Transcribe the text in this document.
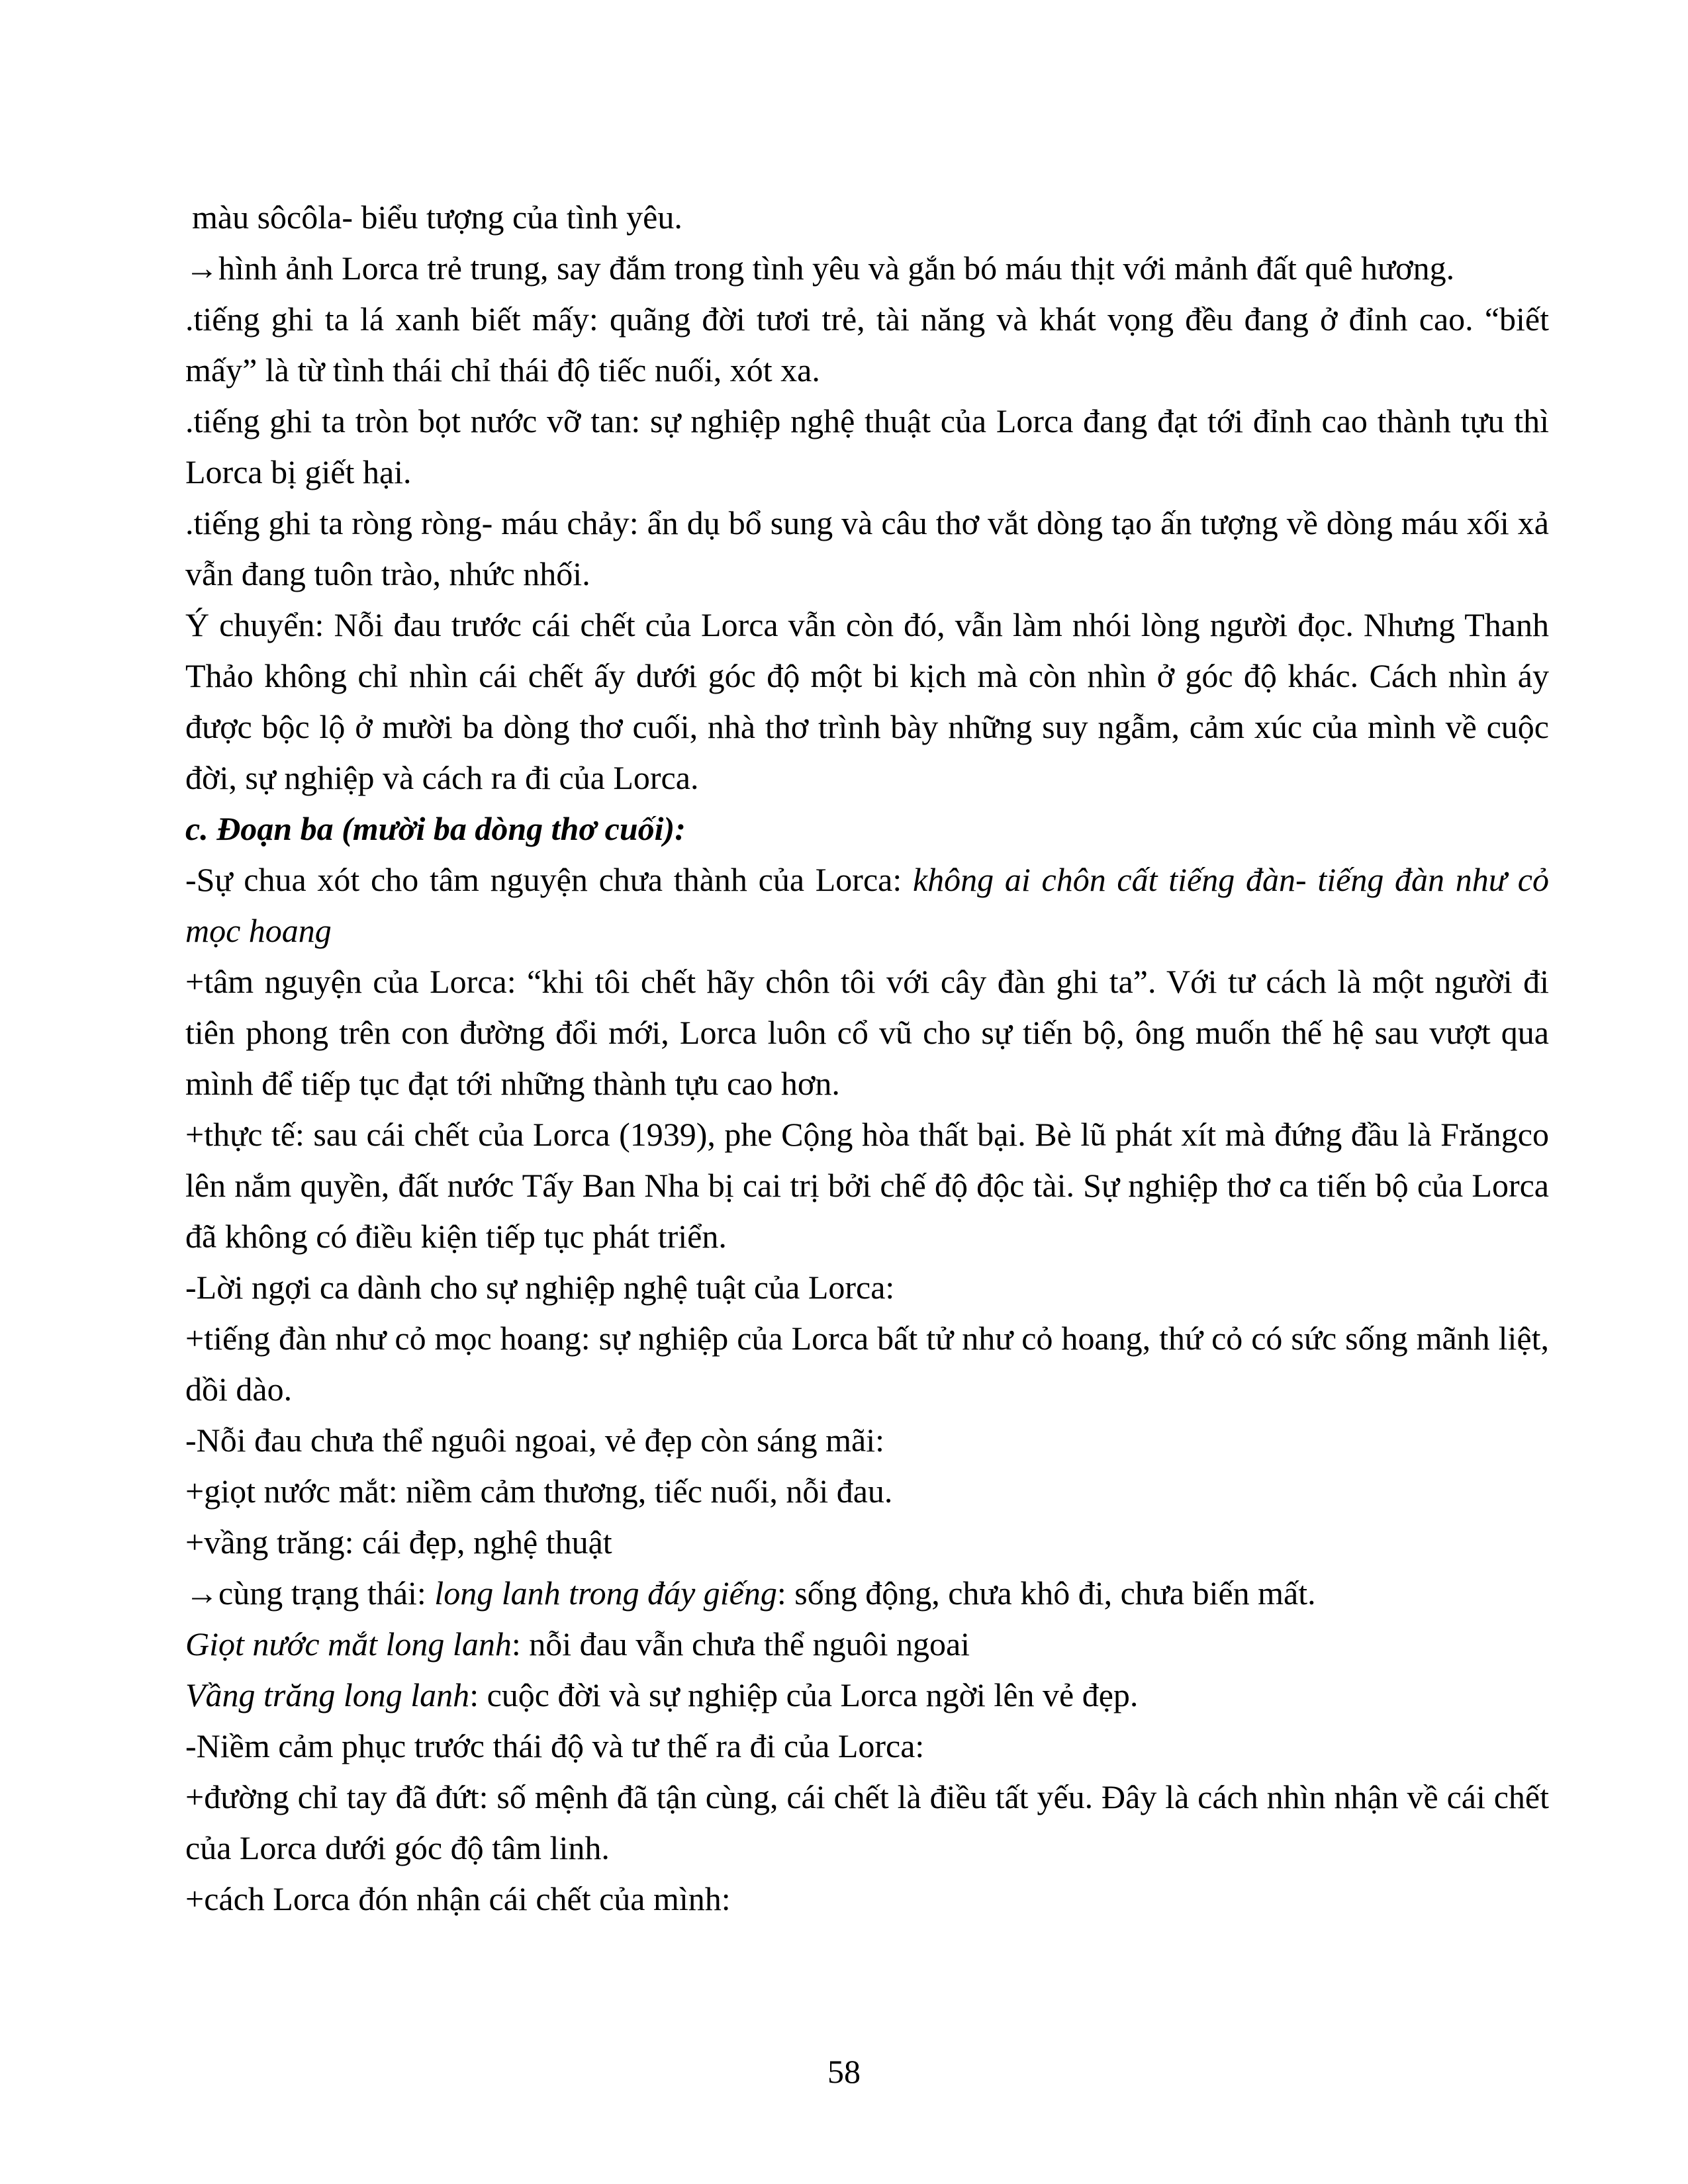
màu sôcôla- biểu tượng của tình yêu.

→hình ảnh Lorca trẻ trung, say đắm trong tình yêu và gắn bó máu thịt với mảnh đất quê hương.

.tiếng ghi ta lá xanh biết mấy: quãng đời tươi trẻ, tài năng và khát vọng đều đang ở đỉnh cao. “biết mấy” là từ tình thái chỉ thái độ tiếc nuối, xót xa.

.tiếng ghi ta tròn bọt nước vỡ tan: sự nghiệp nghệ thuật của Lorca đang đạt tới đỉnh cao thành tựu thì Lorca bị giết hại.

.tiếng ghi ta ròng ròng- máu chảy: ẩn dụ bổ sung và câu thơ vắt dòng tạo ấn tượng về dòng máu xối xả vẫn đang tuôn trào, nhức nhối.

Ý chuyển: Nỗi đau trước cái chết của Lorca vẫn còn đó, vẫn làm nhói lòng người đọc. Nhưng Thanh Thảo không chỉ nhìn cái chết ấy dưới góc độ một bi kịch mà còn nhìn ở góc độ khác. Cách nhìn áy được bộc lộ ở mười ba dòng thơ cuối, nhà thơ trình bày những suy ngẫm, cảm xúc của mình về cuộc đời, sự nghiệp và cách ra đi của Lorca.

c. Đoạn ba (mười ba dòng thơ cuối):

-Sự chua xót cho tâm nguyện chưa thành của Lorca: không ai chôn cất tiếng đàn- tiếng đàn như cỏ mọc hoang

+tâm nguyện của Lorca: “khi tôi chết hãy chôn tôi với cây đàn ghi ta”. Với tư cách là một người đi tiên phong trên con đường đổi mới, Lorca luôn cổ vũ cho sự tiến bộ, ông muốn thế hệ sau vượt qua mình để tiếp tục đạt tới những thành tựu cao hơn.

+thực tế: sau cái chết của Lorca (1939), phe Cộng hòa thất bại. Bè lũ phát xít mà đứng đầu là Frăngco lên nắm quyền, đất nước Tấy Ban Nha bị cai trị bởi chế độ độc tài. Sự nghiệp thơ ca tiến bộ của Lorca đã không có điều kiện tiếp tục phát triển.

-Lời ngợi ca dành cho sự nghiệp nghệ tuật của Lorca:

+tiếng đàn như cỏ mọc hoang: sự nghiệp của Lorca bất tử như cỏ hoang, thứ cỏ có sức sống mãnh liệt, dồi dào.

-Nỗi đau chưa thể nguôi ngoai, vẻ đẹp còn sáng mãi:

+giọt nước mắt: niềm cảm thương, tiếc nuối, nỗi đau.

+vầng trăng: cái đẹp, nghệ thuật

→cùng trạng thái: long lanh trong đáy giếng: sống động, chưa khô đi, chưa biến mất.

Giọt nước mắt long lanh: nỗi đau vẫn chưa thể nguôi ngoai

Vầng trăng long lanh: cuộc đời và sự nghiệp của Lorca ngời lên vẻ đẹp.

-Niềm cảm phục trước thái độ và tư thế ra đi của Lorca:

+đường chỉ tay đã đứt: số mệnh đã tận cùng, cái chết là điều tất yếu. Đây là cách nhìn nhận về cái chết của Lorca dưới góc độ tâm linh.

+cách Lorca đón nhận cái chết của mình:

58
